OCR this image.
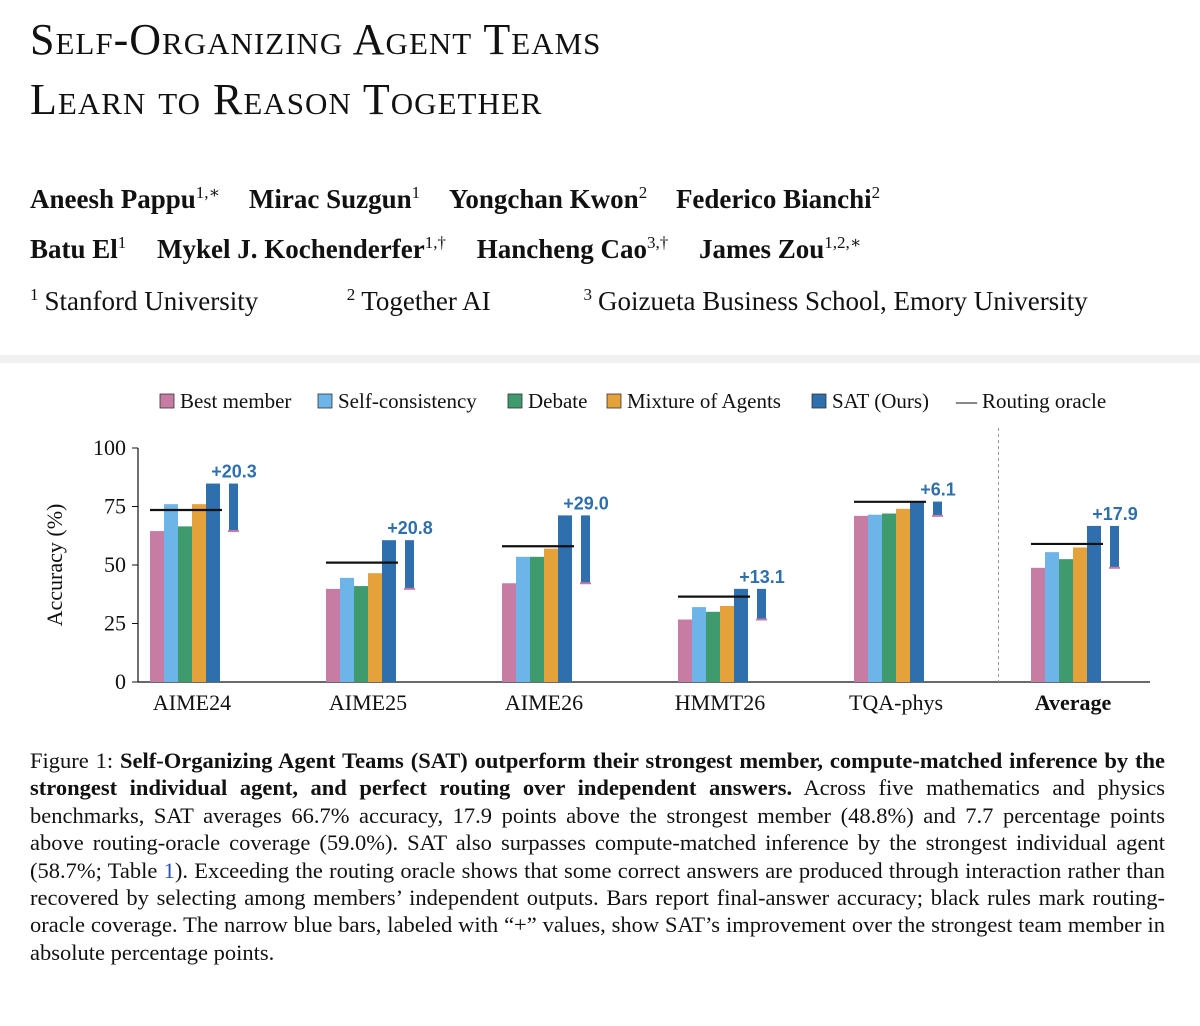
Self-Organizing Agent Teams
Learn to Reason Together
Aneesh Pappu$^{1,∗}$ Mirac Suzgun$^1$ Yongchan Kwon$^2$ Federico Bianchi$^2$
Batu El$^1$ Mykel J. Kochenderfer$^{1,\dagger}$ Hancheng Cao$^{3,\dagger}$ James Zou$^{1,2,∗}$
$^1$ Stanford University	$^2$ Together AI	$^3$ Goizueta Business School, Emory University
0
25
50
75
100
Accuracy (%)
Best member Self-consistency Debate Mixture of Agents SAT (Ours) — Routing oracle
+20.3
AIME24
+20.8
AIME25
+29.0
AIME26
+13.1
HMMT26
+6.1
TQA-phys
+17.9
Average

Figure 1: Self-Organizing Agent Teams (SAT) outperform their strongest member, compute-matched inference by the strongest individual agent, and perfect routing over independent answers. Across five mathematics and physics benchmarks, SAT averages 66.7% accuracy, 17.9 points above the strongest member (48.8%) and 7.7 percentage points above routing-oracle coverage (59.0%). SAT also surpasses compute-matched inference by the strongest individual agent (58.7%; Table 1). Exceeding the routing oracle shows that some correct answers are produced through interaction rather than recovered by selecting among members’ independent outputs. Bars report final-answer accuracy; black rules mark routing-oracle coverage. The narrow blue bars, labeled with “+” values, show SAT’s improvement over the strongest team member in absolute percentage points.
